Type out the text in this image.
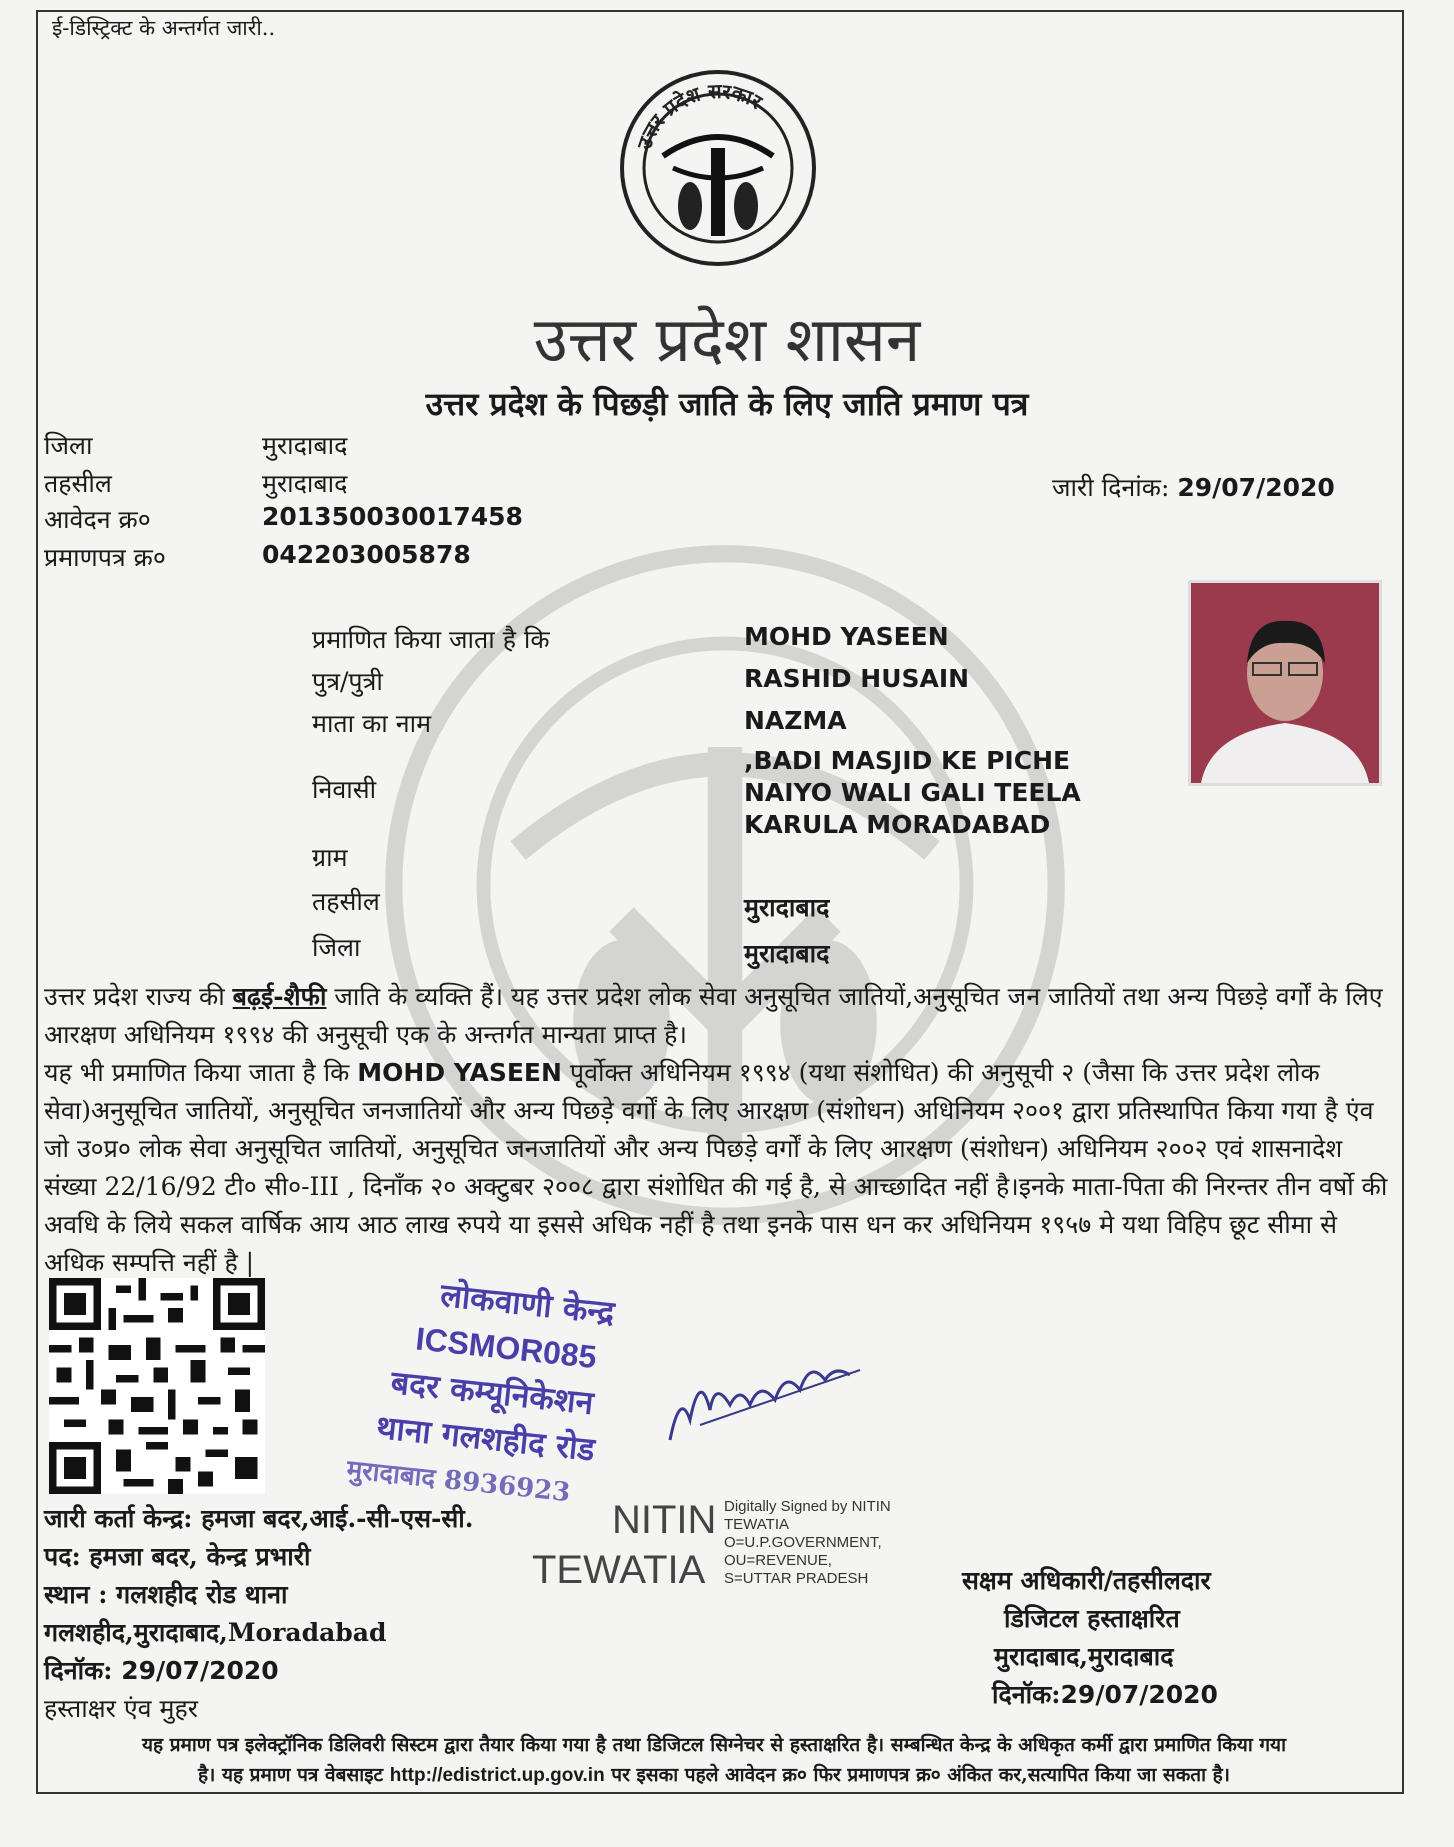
ई-डिस्ट्रिक्ट के अन्तर्गत जारी..
उत्तर प्रदेश सरकार
उत्तर प्रदेश शासन
उत्तर प्रदेश के पिछड़ी जाति के लिए जाति प्रमाण पत्र
जिला	मुरादाबाद
तहसील	मुरादाबाद
आवेदन क्र०	201350030017458
प्रमाणपत्र क्र०	042203005878
जारी दिनांक: 29/07/2020
प्रमाणित किया जाता है कि	MOHD YASEEN
पुत्र/पुत्री	RASHID HUSAIN
माता का नाम	NAZMA
,BADI MASJID KE PICHE
निवासी	NAIYO WALI GALI TEELA
KARULA MORADABAD
ग्राम
तहसील	मुरादाबाद
जिला	मुरादाबाद
उत्तर प्रदेश राज्य की बढ़ई-शैफी जाति के व्यक्ति हैं। यह उत्तर प्रदेश लोक सेवा अनुसूचित जातियों,अनुसूचित जन जातियों तथा अन्य पिछड़े वर्गों के लिए आरक्षण अधिनियम १९९४ की अनुसूची एक के अन्तर्गत मान्यता प्राप्त है।
यह भी प्रमाणित किया जाता है कि MOHD YASEEN पूर्वोक्त अधिनियम १९९४ (यथा संशोधित) की अनुसूची २ (जैसा कि उत्तर प्रदेश लोक सेवा)अनुसूचित जातियों, अनुसूचित जनजातियों और अन्य पिछड़े वर्गों के लिए आरक्षण (संशोधन) अधिनियम २००१ द्वारा प्रतिस्थापित किया गया है एंव जो उ०प्र० लोक सेवा अनुसूचित जातियों, अनुसूचित जनजातियों और अन्य पिछड़े वर्गों के लिए आरक्षण (संशोधन) अधिनियम २००२ एवं शासनादेश संख्या 22/16/92 टी० सी०-III , दिनाँक २० अक्टुबर २००८ द्वारा संशोधित की गई है, से आच्छादित नहीं है।इनके माता-पिता की निरन्तर तीन वर्षो की अवधि के लिये सकल वार्षिक आय आठ लाख रुपये या इससे अधिक नहीं है तथा इनके पास धन कर अधिनियम १९५७ मे यथा विहिप छूट सीमा से अधिक सम्पत्ति नहीं है |
लोकवाणी केन्द्र
ICSMOR085
बदर कम्यूनिकेशन
थाना गलशहीद रोड
मुरादाबाद 8936923
जारी कर्ता केन्द्र: हमजा बदर,आई.-सी-एस-सी.
पद: हमजा बदर, केन्द्र प्रभारी
स्थान : गलशहीद रोड थाना
गलशहीद,मुरादाबाद,Moradabad
दिनॉक: 29/07/2020
हस्ताक्षर एंव मुहर
NITIN
TEWATIA
Digitally Signed by NITIN
TEWATIA
O=U.P.GOVERNMENT,
OU=REVENUE,
S=UTTAR PRADESH	सक्षम अधिकारी/तहसीलदार
डिजिटल हस्ताक्षरित
मुरादाबाद,मुरादाबाद
दिनॉक:29/07/2020
यह प्रमाण पत्र इलेक्ट्रॉनिक डिलिवरी सिस्टम द्वारा तैयार किया गया है तथा डिजिटल सिग्नेचर से हस्ताक्षरित है। सम्बन्धित केन्द्र के अधिकृत कर्मी द्वारा प्रमाणित किया गया
है। यह प्रमाण पत्र वेबसाइट http://edistrict.up.gov.in पर इसका पहले आवेदन क्र० फिर प्रमाणपत्र क्र० अंकित कर,सत्यापित किया जा सकता है।
